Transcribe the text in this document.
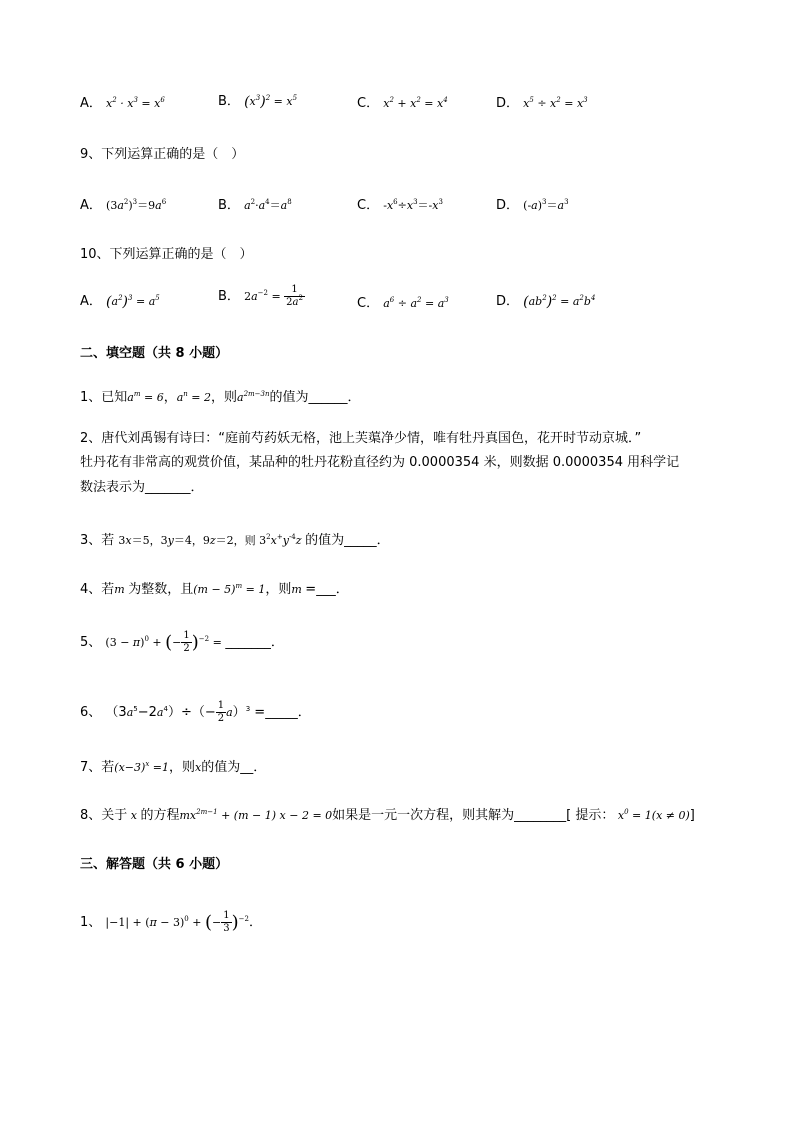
A． $x^2 \cdot x^3 = x^6$	B． $(x^3)^2 = x^5$	C． $x^2 + x^2 = x^4$	D． $x^5 \div x^2 = x^3$
9、下列运算正确的是（　）
A． $(3a^2)^3=9a^6$	B． $a^2\cdot a^4=a^8$	C． $-x^6\div x^3=-x^3$	D． $(-a)^3=a^3$
10、下列运算正确的是（　）
A． $(a^2)^3 = a^5$	B． $2a^{-2} = \frac{1}{2a^2}$	C． $a^6 \div a^2 = a^3$	D． $(ab^2)^2 = a^2b^4$
二、填空题（共 8 小题）
1、已知$a^m = 6$，$a^n = 2$，则$a^{2m-3n}$的值为______．
2、唐代刘禹锡有诗曰：“庭前芍药妖无格，池上芙蕖净少情，唯有牡丹真国色，花开时节动京城．”
牡丹花有非常高的观赏价值，某品种的牡丹花粉直径约为 0.0000354 米，则数据 0.0000354 用科学记
数法表示为_______．
3、若 3x＝5，3y＝4，9z＝2，则 $3^2x^+y^{-4}z$ 的值为_____．
4、若m 为整数，且$(m - 5)^m = 1$，则m =___．
5、 $(3 - \pi)^0$ + (− $\frac{1}{2} )^{-2}$ = _______．
6、 $(3a^5-2a^4)\div(- \frac{1}{2} a)^3$ =_____．
7、若$(x-3)^x =1$，则x的值为__．
8、关于 x 的方程$mx^{2m-1} + (m - 1) x - 2 = 0$如果是一元一次方程，则其解为________[ 提示： $x^0 = 1(x \ne 0)$]
三、解答题（共 6 小题）
1、 $|-1| + (\pi - 3)^0$ + (− $\frac{1}{3} )^{-2}$．
